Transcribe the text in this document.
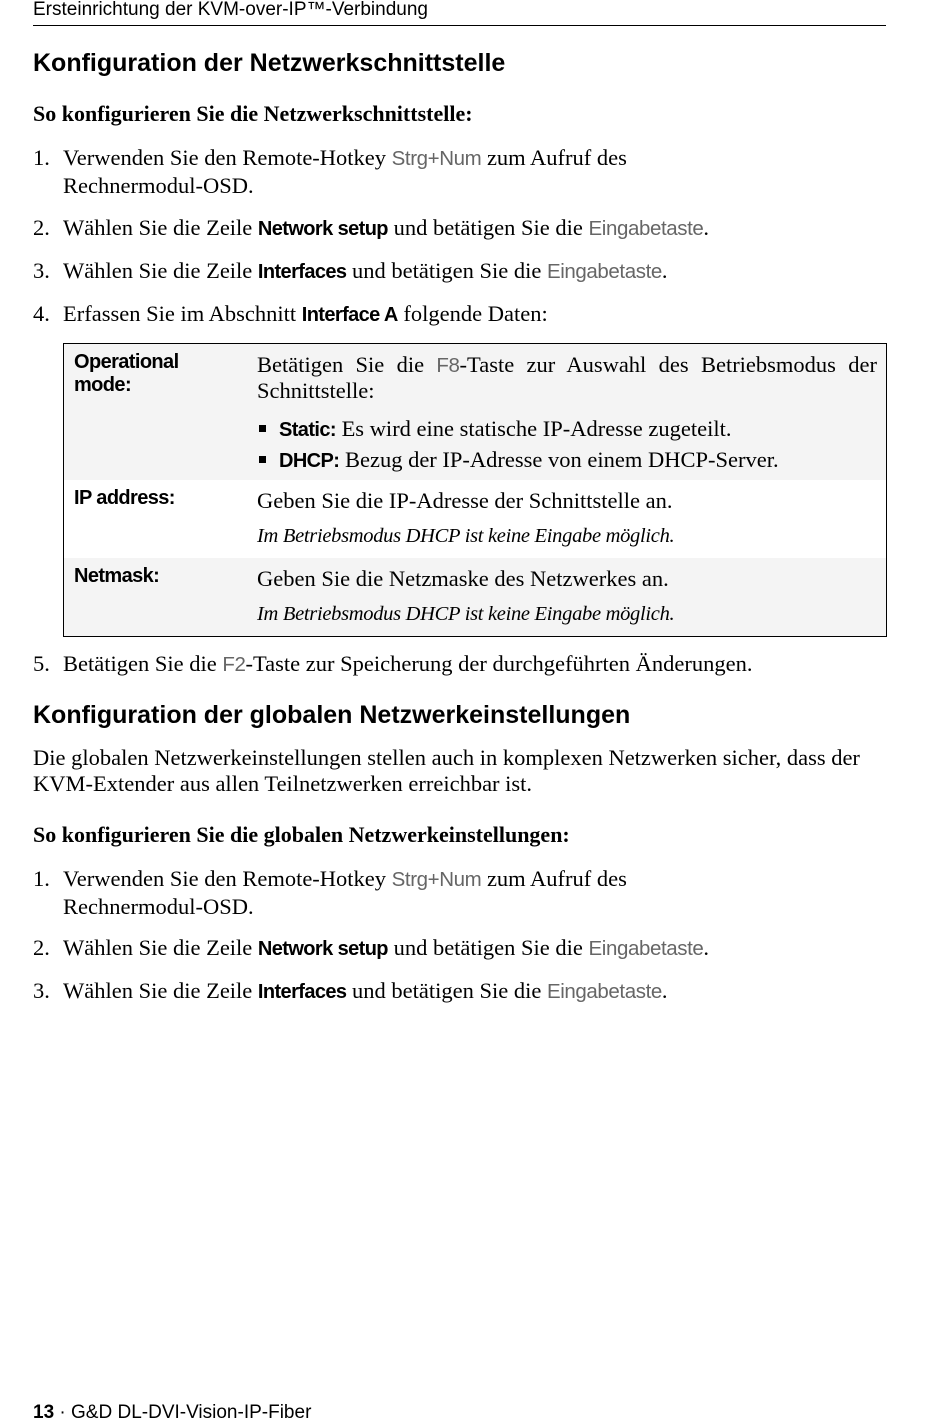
Ersteinrichtung der KVM-over-IP™-Verbindung
Konfiguration der Netzwerkschnittstelle
So konfigurieren Sie die Netzwerkschnittstelle:
1. Verwenden Sie den Remote-Hotkey Strg+Num zum Aufruf des
Rechnermodul-OSD.
2. Wählen Sie die Zeile Network setup und betätigen Sie die Eingabetaste.
3. Wählen Sie die Zeile Interfaces und betätigen Sie die Eingabetaste.
4. Erfassen Sie im Abschnitt Interface A folgende Daten:
Operational
mode:
Betätigen Sie die F8-Taste zur Auswahl des Betriebsmodus der Schnittstelle:
Static: Es wird eine statische IP-Adresse zugeteilt.
DHCP: Bezug der IP-Adresse von einem DHCP-Server.
IP address:	Geben Sie die IP-Adresse der Schnittstelle an.
Im Betriebsmodus DHCP ist keine Eingabe möglich.
Netmask:	Geben Sie die Netzmaske des Netzwerkes an.
Im Betriebsmodus DHCP ist keine Eingabe möglich.
5. Betätigen Sie die F2-Taste zur Speicherung der durchgeführten Änderungen.
Konfiguration der globalen Netzwerkeinstellungen
Die globalen Netzwerkeinstellungen stellen auch in komplexen Netzwerken sicher, dass der KVM-Extender aus allen Teilnetzwerken erreichbar ist.
So konfigurieren Sie die globalen Netzwerkeinstellungen:
1. Verwenden Sie den Remote-Hotkey Strg+Num zum Aufruf des
Rechnermodul-OSD.
2. Wählen Sie die Zeile Network setup und betätigen Sie die Eingabetaste.
3. Wählen Sie die Zeile Interfaces und betätigen Sie die Eingabetaste.
13 · G&D DL-DVI-Vision-IP-Fiber
